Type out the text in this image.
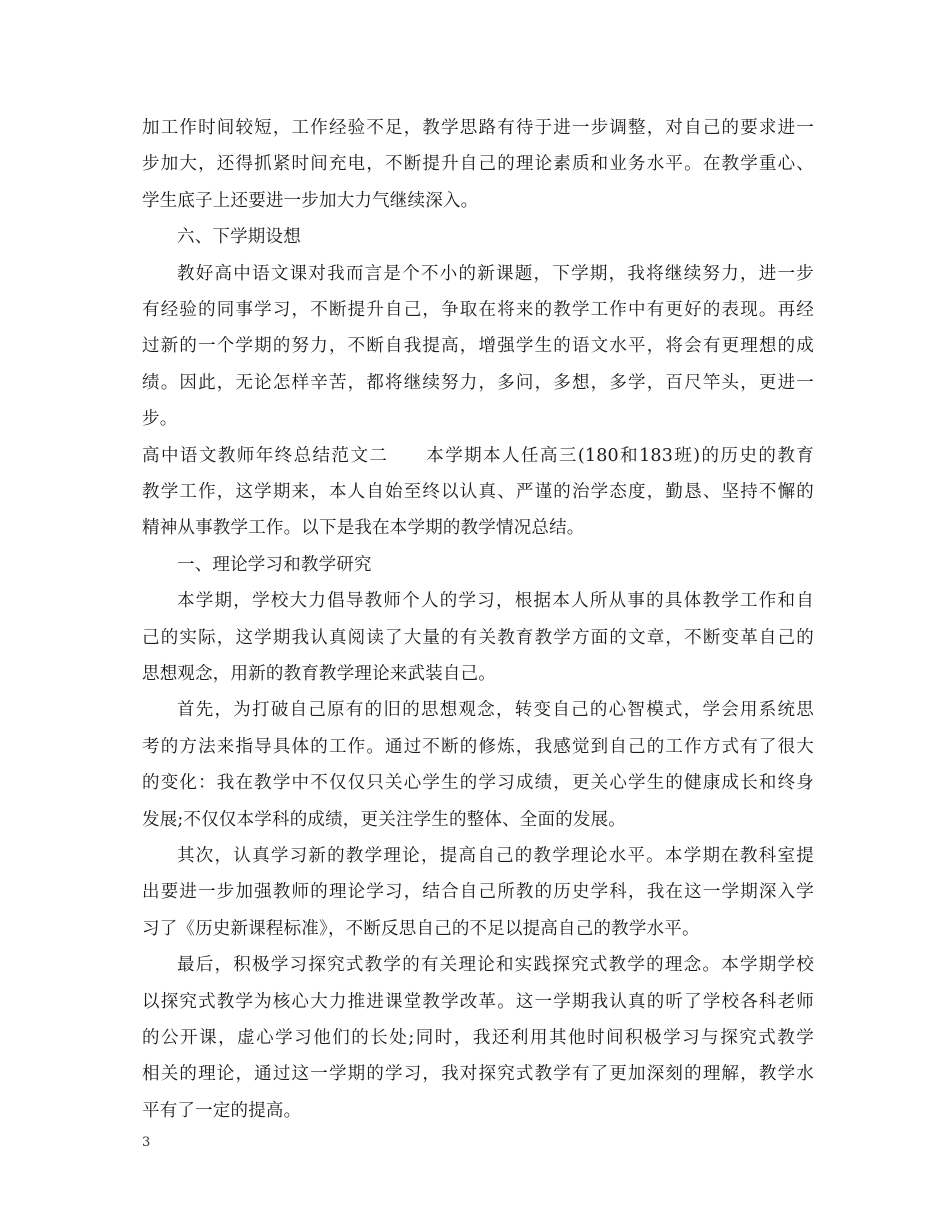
加工作时间较短，工作经验不足，教学思路有待于进一步调整，对自己的要求进一
步加大，还得抓紧时间充电，不断提升自己的理论素质和业务水平。在教学重心、
学生底子上还要进一步加大力气继续深入。
六、下学期设想
教好高中语文课对我而言是个不小的新课题，下学期，我将继续努力，进一步
有经验的同事学习，不断提升自己，争取在将来的教学工作中有更好的表现。再经
过新的一个学期的努力，不断自我提高，增强学生的语文水平，将会有更理想的成
绩。因此，无论怎样辛苦，都将继续努力，多问，多想，多学，百尺竿头，更进一
步。
高中语文教师年终总结范文二　　本学期本人任高三(180和183班)的历史的教育
教学工作，这学期来，本人自始至终以认真、严谨的治学态度，勤恳、坚持不懈的
精神从事教学工作。以下是我在本学期的教学情况总结。
一、理论学习和教学研究
本学期，学校大力倡导教师个人的学习，根据本人所从事的具体教学工作和自
己的实际，这学期我认真阅读了大量的有关教育教学方面的文章，不断变革自己的
思想观念，用新的教育教学理论来武装自己。
首先，为打破自己原有的旧的思想观念，转变自己的心智模式，学会用系统思
考的方法来指导具体的工作。通过不断的修炼，我感觉到自己的工作方式有了很大
的变化：我在教学中不仅仅只关心学生的学习成绩，更关心学生的健康成长和终身
发展;不仅仅本学科的成绩，更关注学生的整体、全面的发展。
其次，认真学习新的教学理论，提高自己的教学理论水平。本学期在教科室提
出要进一步加强教师的理论学习，结合自己所教的历史学科，我在这一学期深入学
习了《历史新课程标准》，不断反思自己的不足以提高自己的教学水平。
最后，积极学习探究式教学的有关理论和实践探究式教学的理念。本学期学校
以探究式教学为核心大力推进课堂教学改革。这一学期我认真的听了学校各科老师
的公开课，虚心学习他们的长处;同时，我还利用其他时间积极学习与探究式教学
相关的理论，通过这一学期的学习，我对探究式教学有了更加深刻的理解，教学水
平有了一定的提高。
3
